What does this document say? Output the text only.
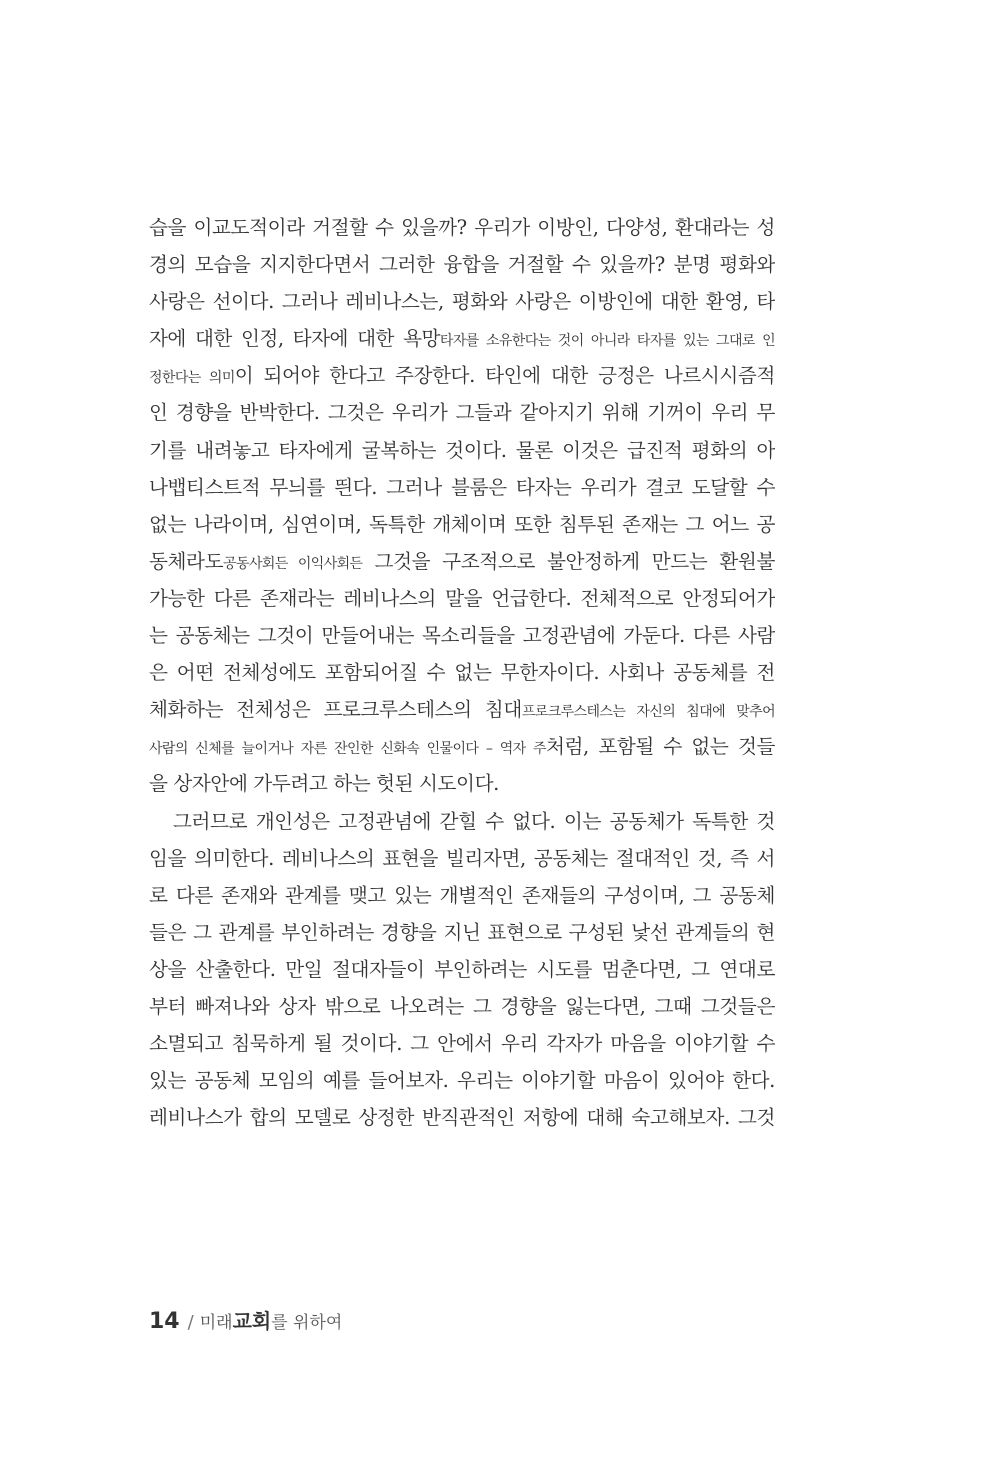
습을 이교도적이라 거절할 수 있을까? 우리가 이방인, 다양성, 환대라는 성
경의 모습을 지지한다면서 그러한 융합을 거절할 수 있을까? 분명 평화와
사랑은 선이다. 그러나 레비나스는, 평화와 사랑은 이방인에 대한 환영, 타
자에 대한 인정, 타자에 대한 욕망타자를 소유한다는 것이 아니라 타자를 있는 그대로 인
정한다는 의미이 되어야 한다고 주장한다. 타인에 대한 긍정은 나르시시즘적
인 경향을 반박한다. 그것은 우리가 그들과 같아지기 위해 기꺼이 우리 무
기를 내려놓고 타자에게 굴복하는 것이다. 물론 이것은 급진적 평화의 아
나뱁티스트적 무늬를 띈다. 그러나 블룸은 타자는 우리가 결코 도달할 수
없는 나라이며, 심연이며, 독특한 개체이며 또한 침투된 존재는 그 어느 공
동체라도공동사회든 이익사회든 그것을 구조적으로 불안정하게 만드는 환원불
가능한 다른 존재라는 레비나스의 말을 언급한다. 전체적으로 안정되어가
는 공동체는 그것이 만들어내는 목소리들을 고정관념에 가둔다. 다른 사람
은 어떤 전체성에도 포함되어질 수 없는 무한자이다. 사회나 공동체를 전
체화하는 전체성은 프로크루스테스의 침대프로크루스테스는 자신의 침대에 맞추어
사람의 신체를 늘이거나 자른 잔인한 신화속 인물이다 – 역자 주처럼, 포함될 수 없는 것들
을 상자안에 가두려고 하는 헛된 시도이다.
그러므로 개인성은 고정관념에 갇힐 수 없다. 이는 공동체가 독특한 것
임을 의미한다. 레비나스의 표현을 빌리자면, 공동체는 절대적인 것, 즉 서
로 다른 존재와 관계를 맺고 있는 개별적인 존재들의 구성이며, 그 공동체
들은 그 관계를 부인하려는 경향을 지닌 표현으로 구성된 낯선 관계들의 현
상을 산출한다. 만일 절대자들이 부인하려는 시도를 멈춘다면, 그 연대로
부터 빠져나와 상자 밖으로 나오려는 그 경향을 잃는다면, 그때 그것들은
소멸되고 침묵하게 될 것이다. 그 안에서 우리 각자가 마음을 이야기할 수
있는 공동체 모임의 예를 들어보자. 우리는 이야기할 마음이 있어야 한다.
레비나스가 합의 모델로 상정한 반직관적인 저항에 대해 숙고해보자. 그것
14 / 미래교회를 위하여
